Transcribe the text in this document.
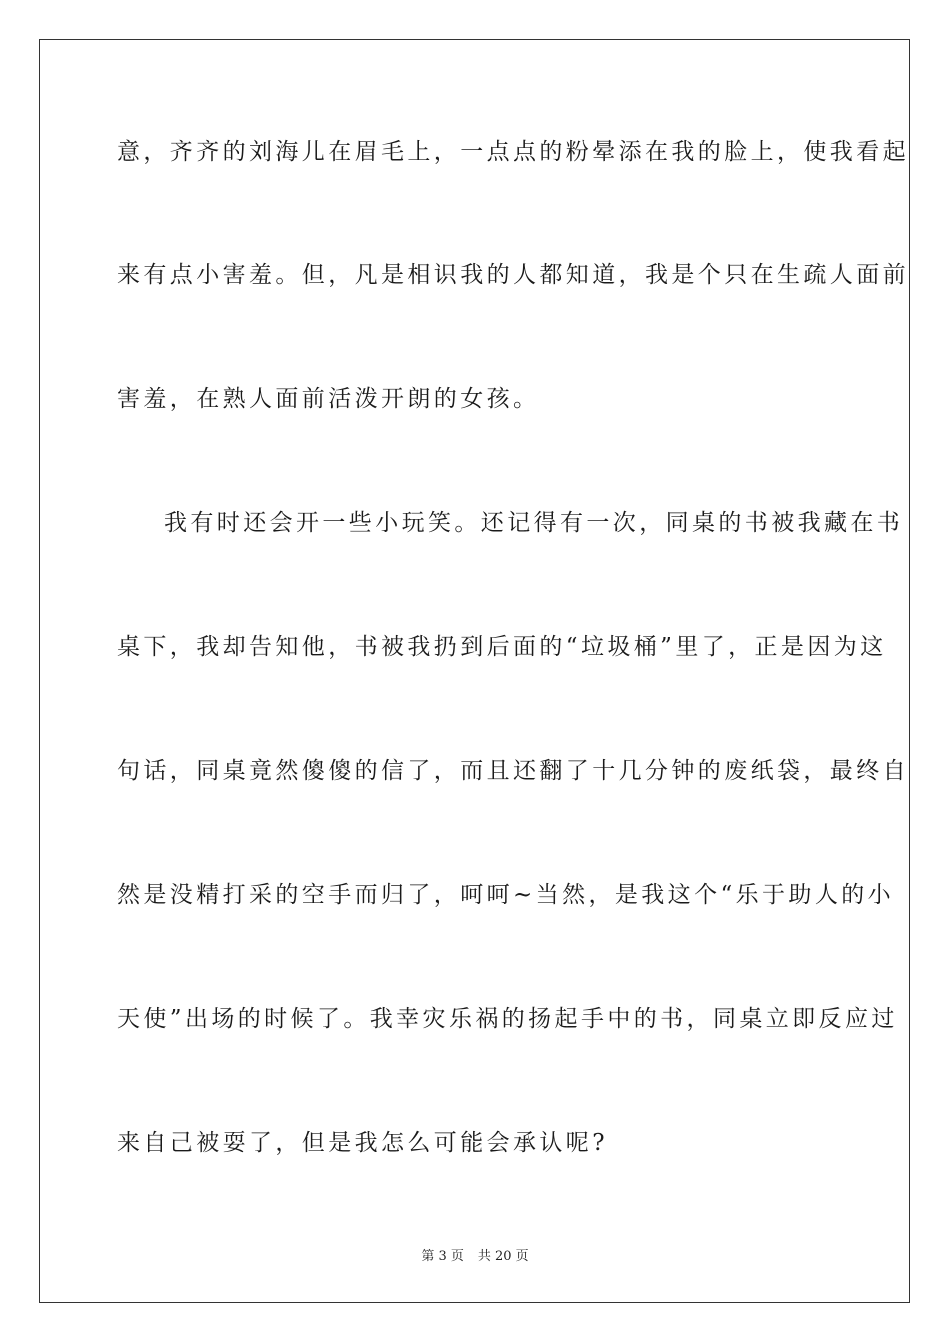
意，齐齐的刘海儿在眉毛上，一点点的粉晕添在我的脸上，使我看起
来有点小害羞。但，凡是相识我的人都知道，我是个只在生疏人面前
害羞，在熟人面前活泼开朗的女孩。
我有时还会开一些小玩笑。还记得有一次，同桌的书被我藏在书
桌下，我却告知他，书被我扔到后面的“垃圾桶”里了，正是因为这
句话，同桌竟然傻傻的信了，而且还翻了十几分钟的废纸袋，最终自
然是没精打采的空手而归了，呵呵~当然，是我这个“乐于助人的小
天使”出场的时候了。我幸灾乐祸的扬起手中的书，同桌立即反应过
来自己被耍了，但是我怎么可能会承认呢?
第 3 页 共 20 页
